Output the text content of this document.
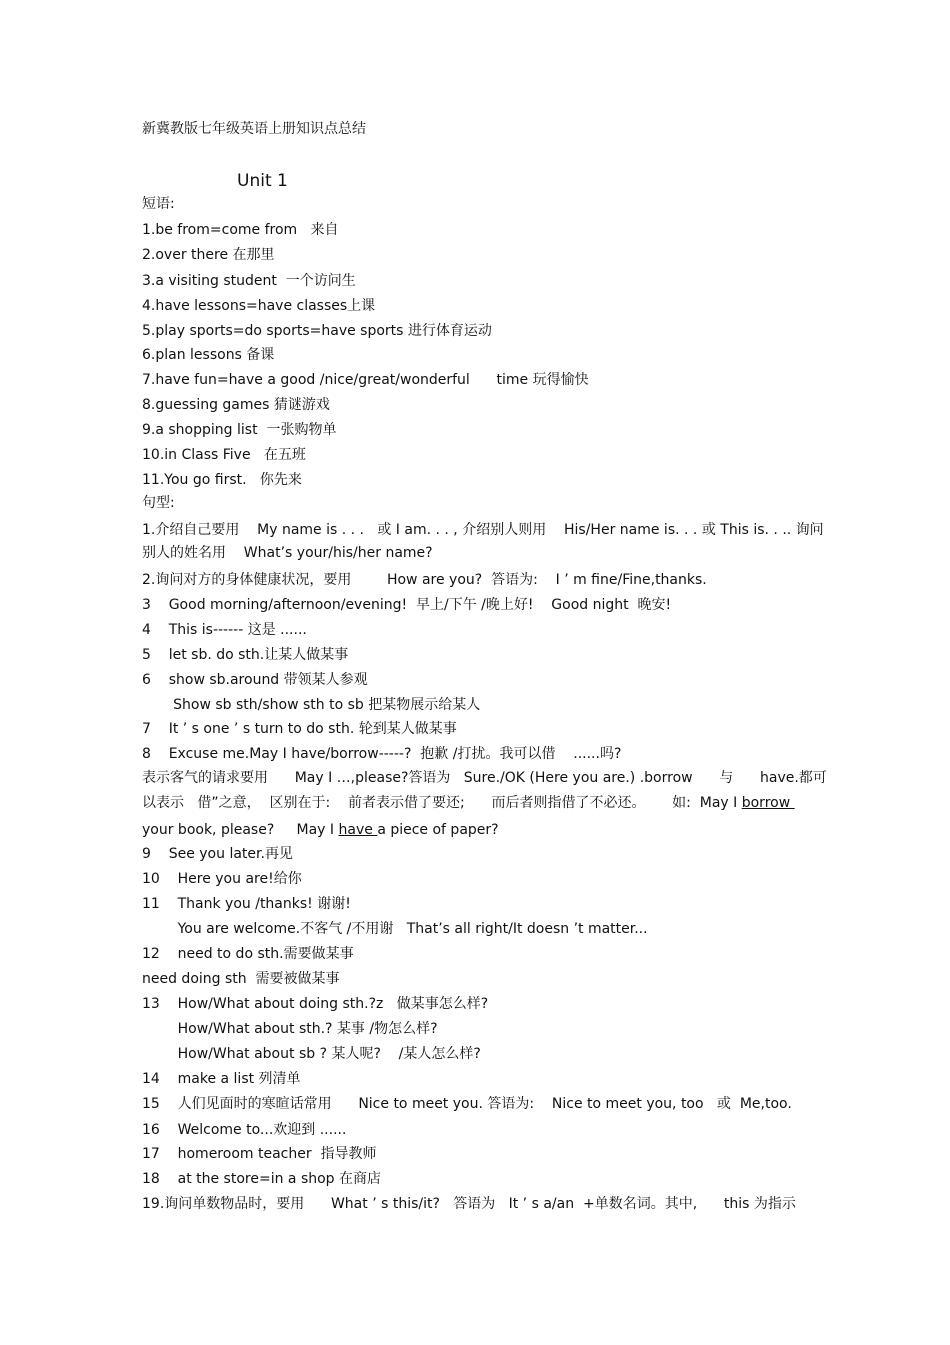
新冀教版七年级英语上册知识点总结
Unit 1
短语:
1.be from=come from   来自
2.over there 在那里
3.a visiting student  一个访问生
4.have lessons=have classes上课
5.play sports=do sports=have sports 进行体育运动
6.plan lessons 备课
7.have fun=have a good /nice/great/wonderful      time 玩得愉快
8.guessing games 猜谜游戏
9.a shopping list  一张购物单
10.in Class Five   在五班
11.You go first.   你先来
句型:
1.介绍自己要用    My name is . . .   或 I am. . . , 介绍别人则用    His/Her name is. . . 或 This is. . .. 询问
别人的姓名用    What’s your/his/her name?
2.询问对方的身体健康状况，要用        How are you?  答语为:    I ’ m fine/Fine,thanks.
3    Good morning/afternoon/evening!  早上/下午 /晚上好!    Good night  晚安!
4    This is------ 这是 ......
5    let sb. do sth.让某人做某事
6    show sb.around 带领某人参观
Show sb sth/show sth to sb 把某物展示给某人
7    It ’ s one ’ s turn to do sth. 轮到某人做某事
8    Excuse me.May I have/borrow-----?  抱歉 /打扰。我可以借    ......吗?
表示客气的请求要用      May I …,please?答语为   Sure./OK (Here you are.) .borrow      与      have.都可
以表示   借”之意，  区别在于:    前者表示借了要还;      而后者则指借了不必还。      如:  May I borrow
your book, please?     May I have a piece of paper?
9    See you later.再见
10    Here you are!给你
11    Thank you /thanks! 谢谢!
You are welcome.不客气 /不用谢   That’s all right/It doesn ’t matter...
12    need to do sth.需要做某事
need doing sth  需要被做某事
13    How/What about doing sth.?z   做某事怎么样?
How/What about sth.? 某事 /物怎么样?
How/What about sb ? 某人呢?    /某人怎么样?
14    make a list 列清单
15    人们见面时的寒暄话常用      Nice to meet you. 答语为:    Nice to meet you, too   或  Me,too.
16    Welcome to...欢迎到 ......
17    homeroom teacher  指导教师
18    at the store=in a shop 在商店
19.询问单数物品时，要用      What ’ s this/it?   答语为   It ’ s a/an  +单数名词。其中,      this 为指示
